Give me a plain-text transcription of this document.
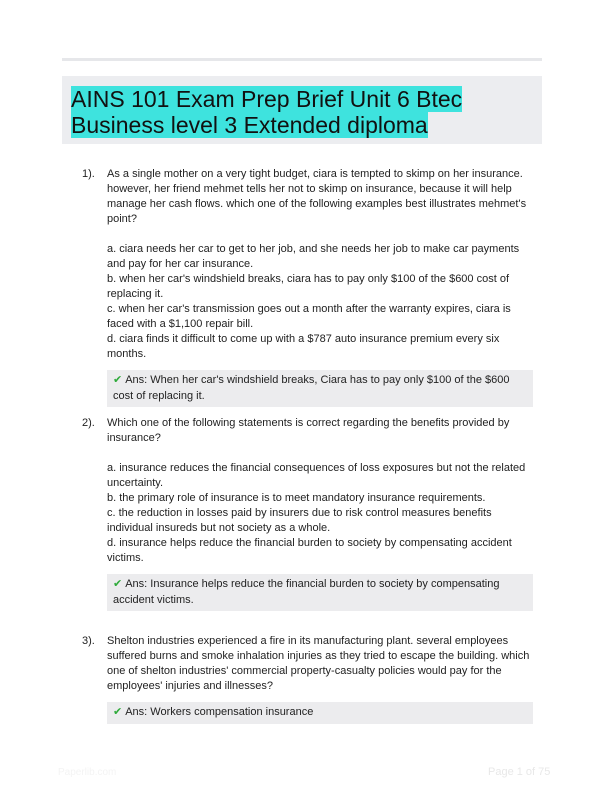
AINS 101 Exam Prep Brief Unit 6 Btec Business level 3 Extended diploma
1). As a single mother on a very tight budget, ciara is tempted to skimp on her insurance. however, her friend mehmet tells her not to skimp on insurance, because it will help manage her cash flows. which one of the following examples best illustrates mehmet's point?

a. ciara needs her car to get to her job, and she needs her job to make car payments and pay for her car insurance.

b. when her car's windshield breaks, ciara has to pay only $100 of the $600 cost of replacing it.

c. when her car's transmission goes out a month after the warranty expires, ciara is faced with a $1,100 repair bill.

d. ciara finds it difficult to come up with a $787 auto insurance premium every six months.

✔ Ans: When her car's windshield breaks, Ciara has to pay only $100 of the $600 cost of replacing it.
2). Which one of the following statements is correct regarding the benefits provided by insurance?

a. insurance reduces the financial consequences of loss exposures but not the related uncertainty.

b. the primary role of insurance is to meet mandatory insurance requirements.

c. the reduction in losses paid by insurers due to risk control measures benefits individual insureds but not society as a whole.

d. insurance helps reduce the financial burden to society by compensating accident victims.

✔ Ans: Insurance helps reduce the financial burden to society by compensating accident victims.
3). Shelton industries experienced a fire in its manufacturing plant. several employees suffered burns and smoke inhalation injuries as they tried to escape the building. which one of shelton industries' commercial property-casualty policies would pay for the employees' injuries and illnesses?

✔ Ans: Workers compensation insurance
Paperlib.com	Page 1 of 75
